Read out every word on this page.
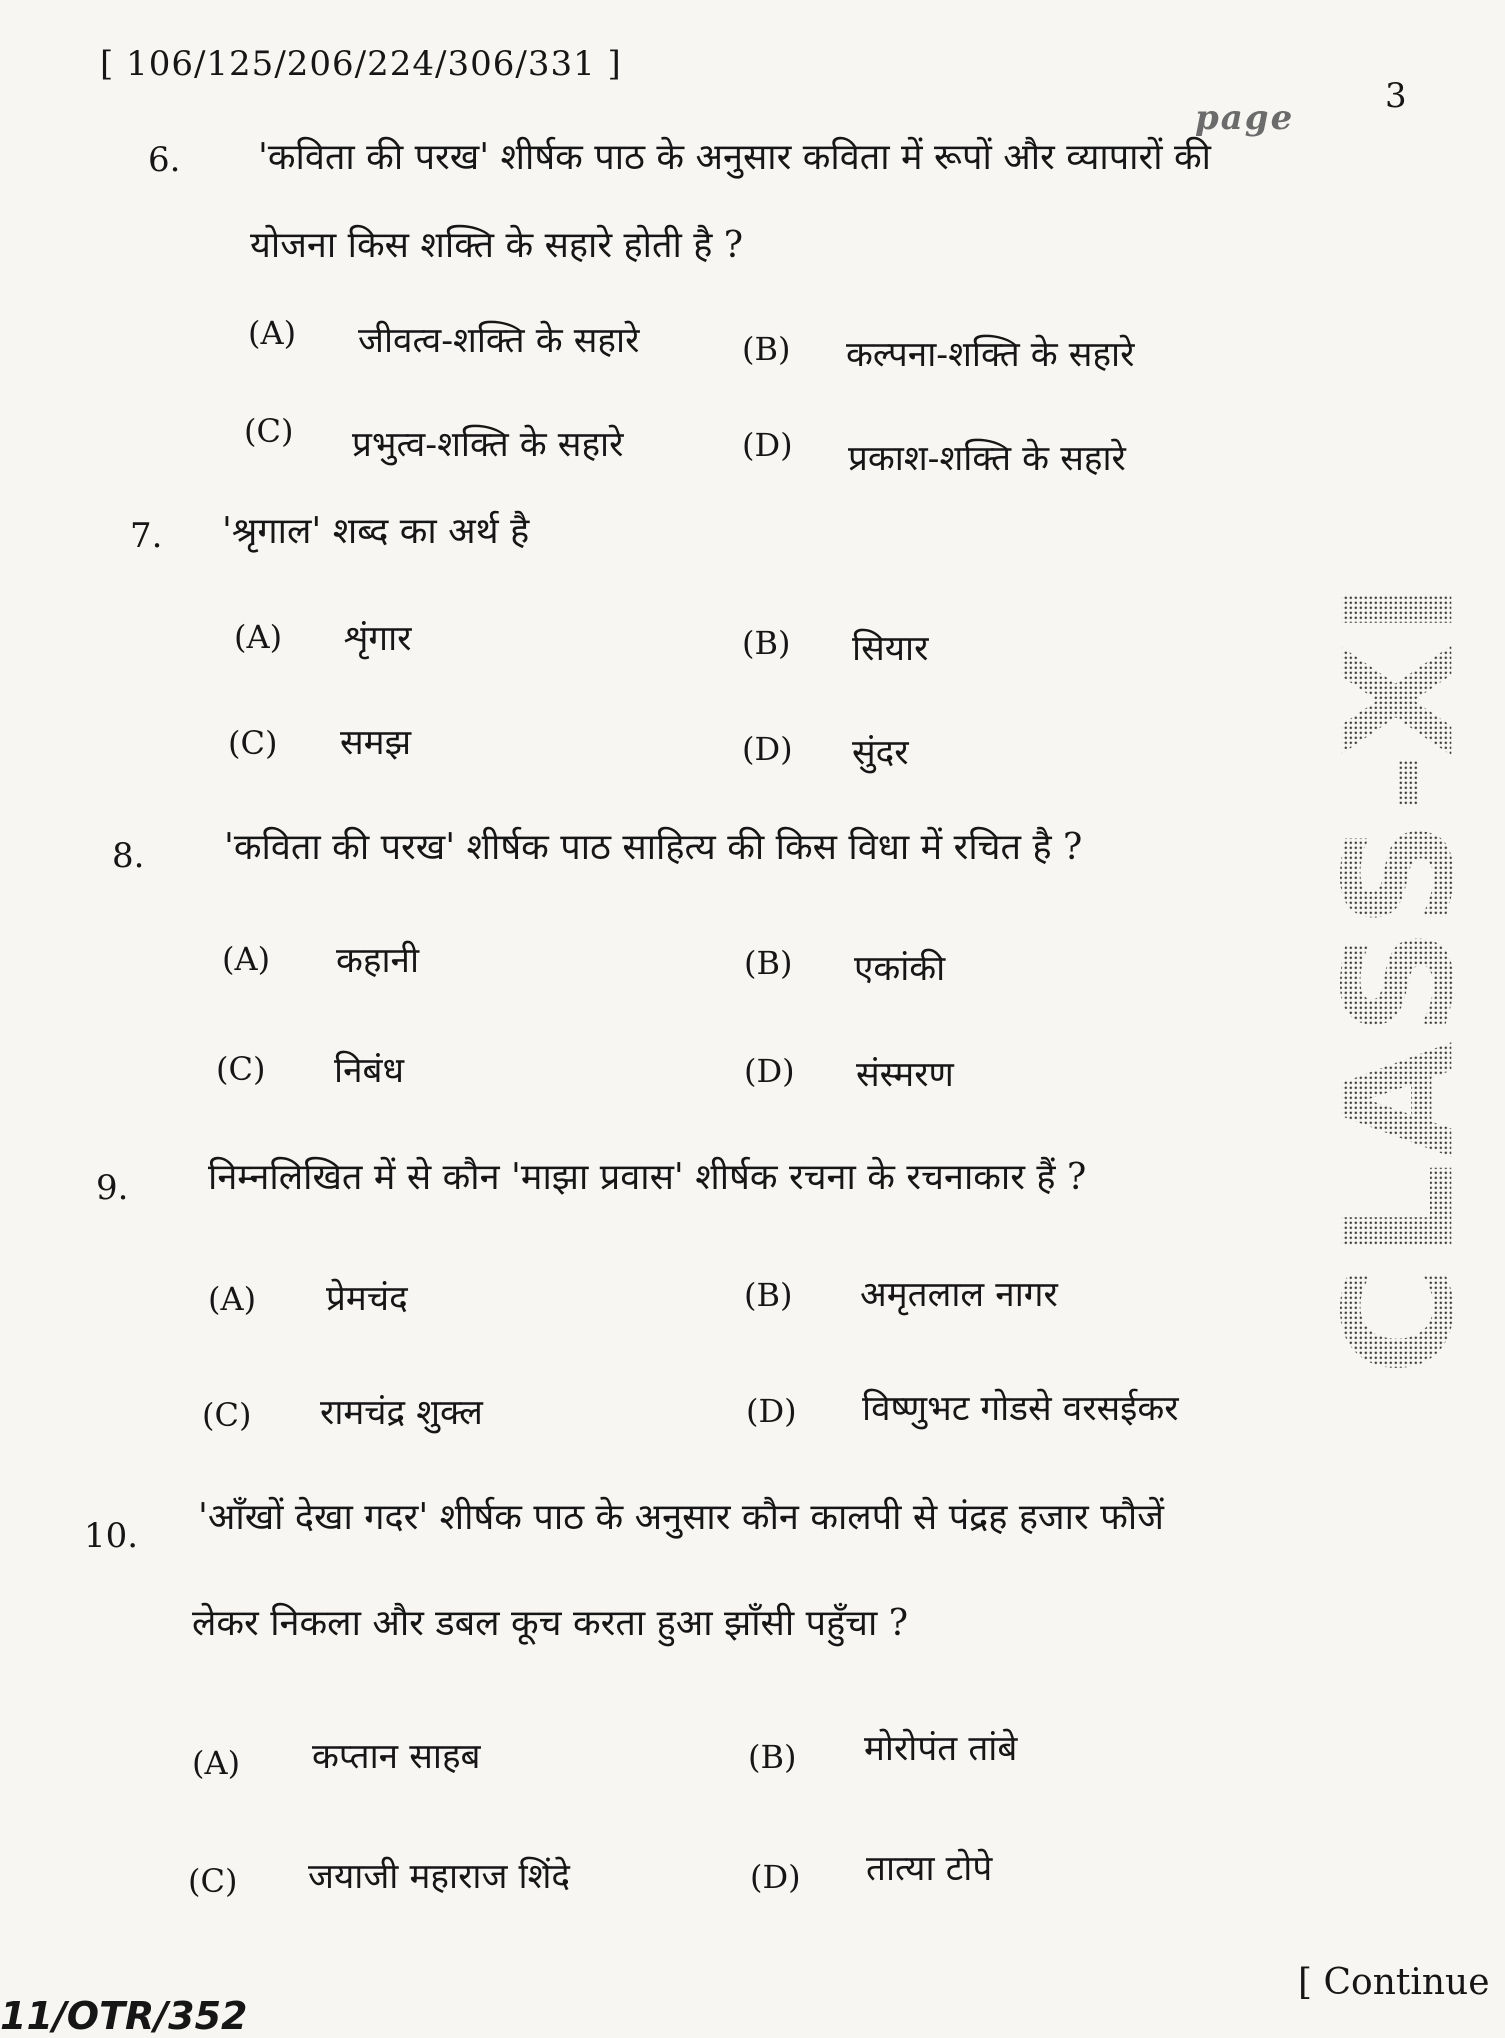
[ 106/125/206/224/306/331 ]
page
3
6. 'कविता की परख' शीर्षक पाठ के अनुसार कविता में रूपों और व्यापारों की
योजना किस शक्ति के सहारे होती है ?
(A) जीवत्व-शक्ति के सहारे	(B) कल्पना-शक्ति के सहारे
(C) प्रभुत्व-शक्ति के सहारे	(D) प्रकाश-शक्ति के सहारे
7. 'श्रृगाल' शब्द का अर्थ है
(A) शृंगार	(B) सियार
(C) समझ	(D) सुंदर
8. 'कविता की परख' शीर्षक पाठ साहित्य की किस विधा में रचित है ?
(A) कहानी	(B) एकांकी
(C) निबंध	(D) संस्मरण
9. निम्नलिखित में से कौन 'माझा प्रवास' शीर्षक रचना के रचनाकार हैं ?
(A) प्रेमचंद	(B) अमृतलाल नागर
(C) रामचंद्र शुक्ल	(D) विष्णुभट गोडसे वरसईकर
10. 'आँखों देखा गदर' शीर्षक पाठ के अनुसार कौन कालपी से पंद्रह हजार फौजें
लेकर निकला और डबल कूच करता हुआ झाँसी पहुँचा ?
(A) कप्तान साहब	(B) मोरोपंत तांबे
(C) जयाजी महाराज शिंदे	(D) तात्या टोपे
CLASS-XI
[ Continue
11/OTR/352
